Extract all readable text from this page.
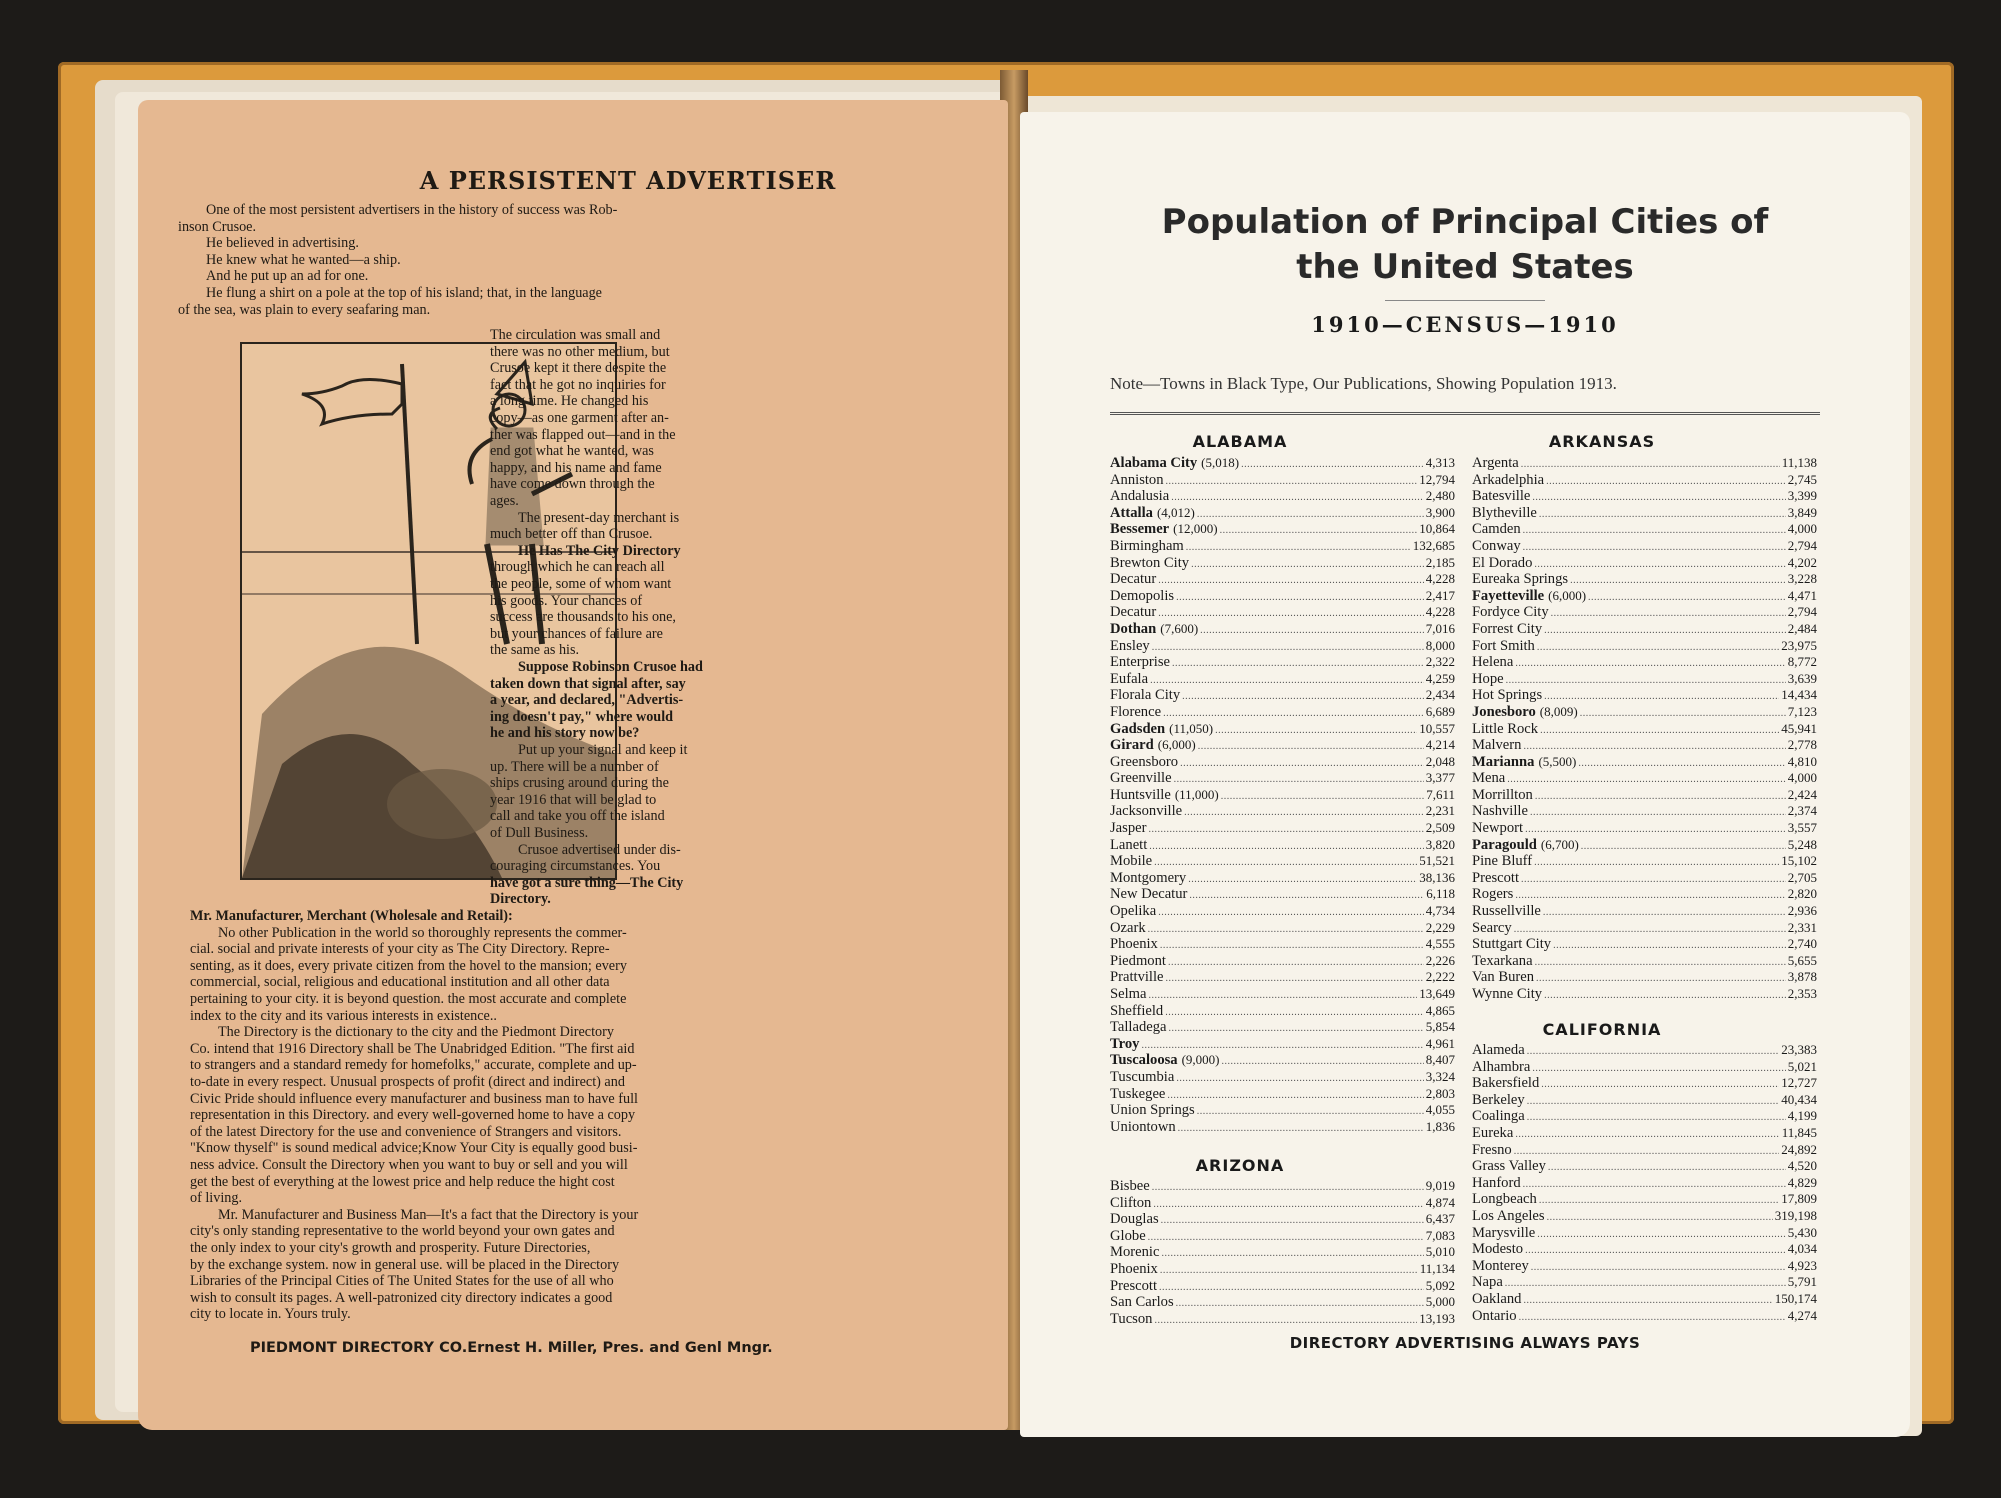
A PERSISTENT ADVERTISER
One of the most persistent advertisers in the history of success was Rob-
inson Crusoe.
He believed in advertising.
He knew what he wanted—a ship.
And he put up an ad for one.
He flung a shirt on a pole at the top of his island; that, in the language
of the sea, was plain to every seafaring man.
The circulation was small and
there was no other medium, but
Crusoe kept it there despite the
fact that he got no inquiries for
a long time. He changed his
copy—as one garment after an-
ther was flapped out—and in the
end got what he wanted, was
happy, and his name and fame
have come down through the
ages.
The present-day merchant is
much better off than Crusoe.
He Has The City Directory
through which he can reach all
the people, some of whom want
his goods. Your chances of
success are thousands to his one,
but your chances of failure are
the same as his.
Suppose Robinson Crusoe had
taken down that signal after, say
a year, and declared, "Advertis-
ing doesn't pay," where would
he and his story now be?
Put up your signal and keep it
up. There will be a number of
ships crusing around during the
year 1916 that will be glad to
call and take you off the island
of Dull Business.
Crusoe advertised under dis-
couraging circumstances. You
have got a sure thing—The City
Directory.
Mr. Manufacturer, Merchant (Wholesale and Retail):
No other Publication in the world so thoroughly represents the commer-
cial. social and private interests of your city as The City Directory. Repre-
senting, as it does, every private citizen from the hovel to the mansion; every
commercial, social, religious and educational institution and all other data
pertaining to your city. it is beyond question. the most accurate and complete
index to the city and its various interests in existence..
The Directory is the dictionary to the city and the Piedmont Directory
Co. intend that 1916 Directory shall be The Unabridged Edition. "The first aid
to strangers and a standard remedy for homefolks," accurate, complete and up-
to-date in every respect. Unusual prospects of profit (direct and indirect) and
Civic Pride should influence every manufacturer and business man to have full
representation in this Directory. and every well-governed home to have a copy
of the latest Directory for the use and convenience of Strangers and visitors.
"Know thyself" is sound medical advice;Know Your City is equally good busi-
ness advice. Consult the Directory when you want to buy or sell and you will
get the best of everything at the lowest price and help reduce the hight cost
of living.
Mr. Manufacturer and Business Man—It's a fact that the Directory is your
city's only standing representative to the world beyond your own gates and
the only index to your city's growth and prosperity. Future Directories,
by the exchange system. now in general use. will be placed in the Directory
Libraries of the Principal Cities of The United States for the use of all who
wish to consult its pages. A well-patronized city directory indicates a good
city to locate in. Yours truly.
PIEDMONT DIRECTORY CO.Ernest H. Miller, Pres. and Genl Mngr.
Population of Principal Cities of
the United States
1910—CENSUS—1910
Note—Towns in Black Type, Our Publications, Showing Population 1913.
ALABAMA
Alabama City (5,018) . . .	4,313
Anniston . . .	12,794
Andalusia . . .	2,480
Attalla (4,012) . . .	3,900
Bessemer (12,000) . . .	10,864
Birmingham . . .	132,685
Brewton City . . .	2,185
Decatur . . .	4,228
Demopolis . . .	2,417
Decatur . . .	4,228
Dothan (7,600) . . .	7,016
Ensley . . .	8,000
Enterprise . . .	2,322
Eufala . . .	4,259
Florala City . . .	2,434
Florence . . .	6,689
Gadsden (11,050) . . .	10,557
Girard (6,000) . . .	4,214
Greensboro . . .	2,048
Greenville . . .	3,377
Huntsville (11,000) . . .	7,611
Jacksonville . . .	2,231
Jasper . . .	2,509
Lanett . . .	3,820
Mobile . . .	51,521
Montgomery . . .	38,136
New Decatur . . .	6,118
Opelika . . .	4,734
Ozark . . .	2,229
Phoenix . . .	4,555
Piedmont . . .	2,226
Prattville . . .	2,222
Selma . . .	13,649
Sheffield . . .	4,865
Talladega . . .	5,854
Troy . . .	4,961
Tuscaloosa (9,000) . . .	8,407
Tuscumbia . . .	3,324
Tuskegee . . .	2,803
Union Springs . . .	4,055
Uniontown . . .	1,836
ARIZONA
Bisbee . . .	9,019
Clifton . . .	4,874
Douglas . . .	6,437
Globe . . .	7,083
Morenic . . .	5,010
Phoenix . . .	11,134
Prescott . . .	5,092
San Carlos . . .	5,000
Tucson . . .	13,193
ARKANSAS
Argenta . . .	11,138
Arkadelphia . . .	2,745
Batesville . . .	3,399
Blytheville . . .	3,849
Camden . . .	4,000
Conway . . .	2,794
El Dorado . . .	4,202
Eureaka Springs . . .	3,228
Fayetteville (6,000) . . .	4,471
Fordyce City . . .	2,794
Forrest City . . .	2,484
Fort Smith . . .	23,975
Helena . . .	8,772
Hope . . .	3,639
Hot Springs . . .	14,434
Jonesboro (8,009) . . .	7,123
Little Rock . . .	45,941
Malvern . . .	2,778
Marianna (5,500) . . .	4,810
Mena . . .	4,000
Morrillton . . .	2,424
Nashville . . .	2,374
Newport . . .	3,557
Paragould (6,700) . . .	5,248
Pine Bluff . . .	15,102
Prescott . . .	2,705
Rogers . . .	2,820
Russellville . . .	2,936
Searcy . . .	2,331
Stuttgart City . . .	2,740
Texarkana . . .	5,655
Van Buren . . .	3,878
Wynne City . . .	2,353
CALIFORNIA
Alameda . . .	23,383
Alhambra . . .	5,021
Bakersfield . . .	12,727
Berkeley . . .	40,434
Coalinga . . .	4,199
Eureka . . .	11,845
Fresno . . .	24,892
Grass Valley . . .	4,520
Hanford . . .	4,829
Longbeach . . .	17,809
Los Angeles . . .	319,198
Marysville . . .	5,430
Modesto . . .	4,034
Monterey . . .	4,923
Napa . . .	5,791
Oakland . . .	150,174
Ontario . . .	4,274
DIRECTORY ADVERTISING ALWAYS PAYS
